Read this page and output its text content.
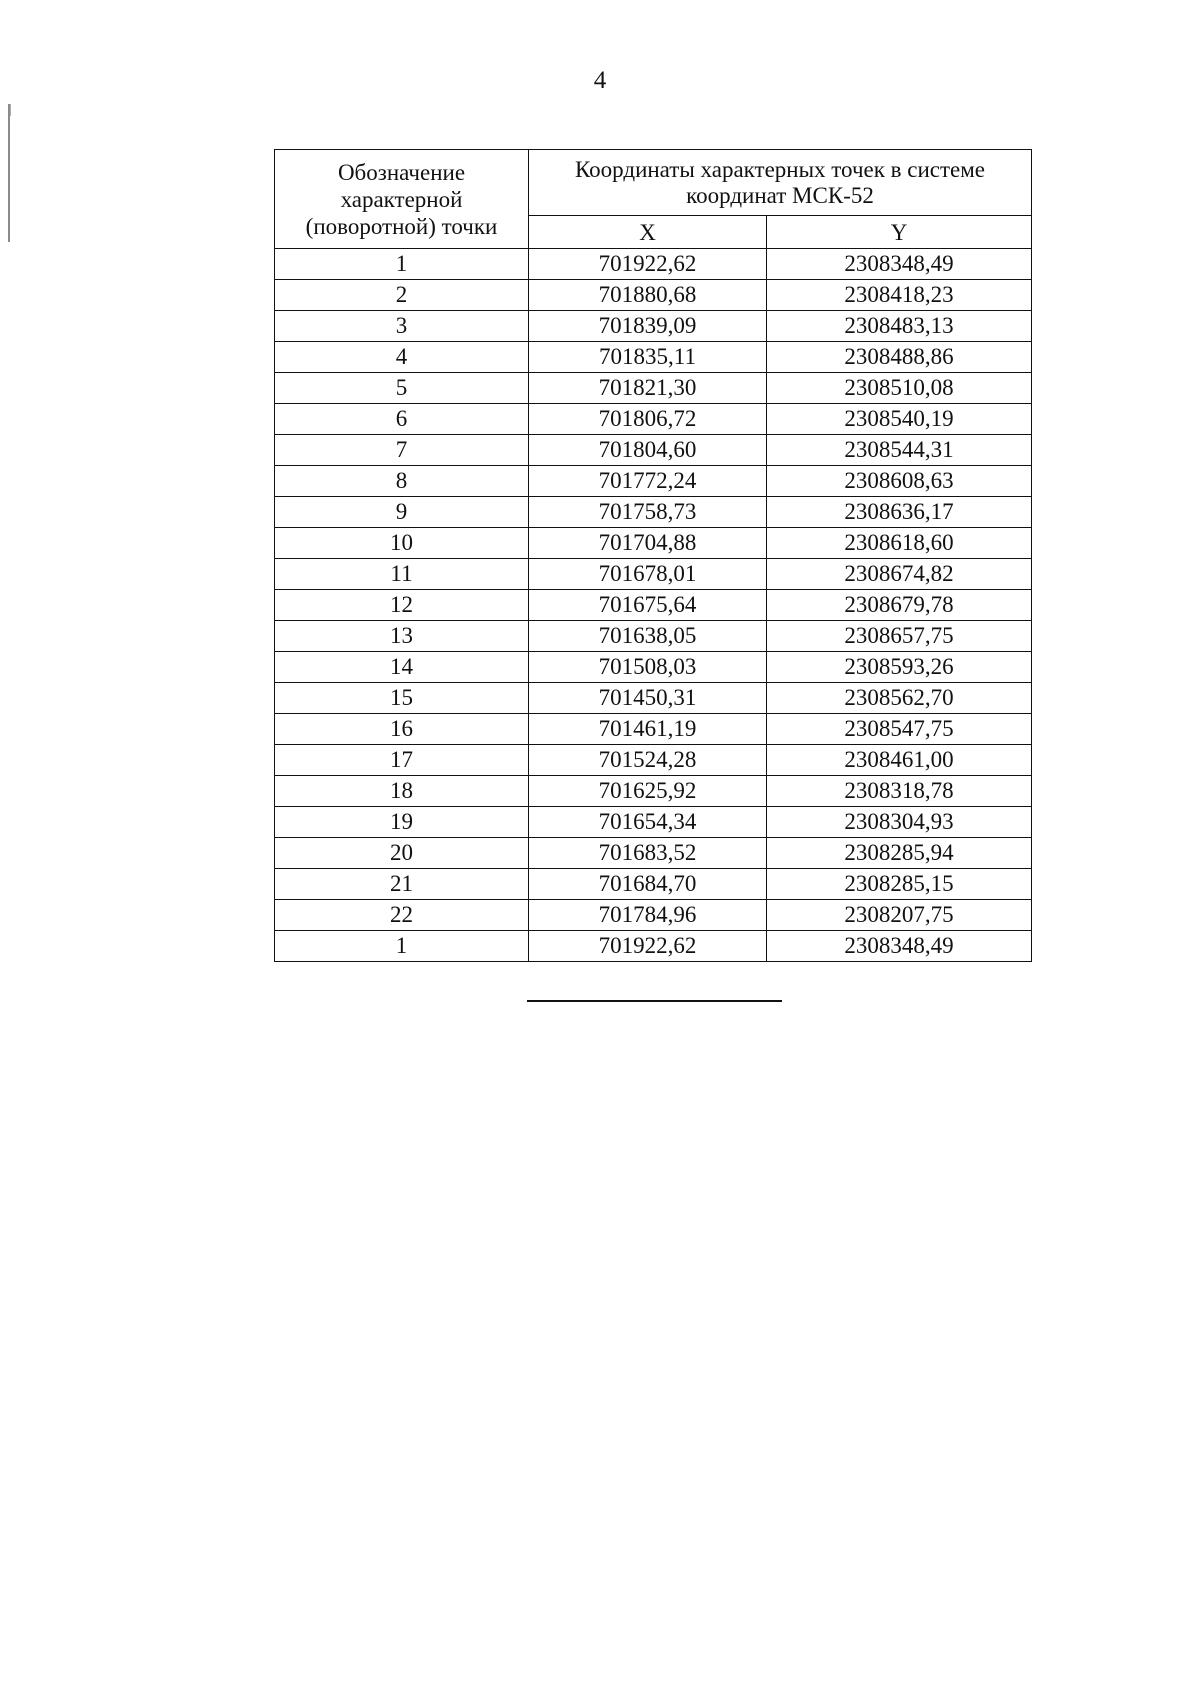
4
Обозначение характерной (поворотной) точки	Координаты характерных точек в системе координат МСК-52	
	X	Y
1	701922,62	2308348,49
2	701880,68	2308418,23
3	701839,09	2308483,13
4	701835,11	2308488,86
5	701821,30	2308510,08
6	701806,72	2308540,19
7	701804,60	2308544,31
8	701772,24	2308608,63
9	701758,73	2308636,17
10	701704,88	2308618,60
11	701678,01	2308674,82
12	701675,64	2308679,78
13	701638,05	2308657,75
14	701508,03	2308593,26
15	701450,31	2308562,70
16	701461,19	2308547,75
17	701524,28	2308461,00
18	701625,92	2308318,78
19	701654,34	2308304,93
20	701683,52	2308285,94
21	701684,70	2308285,15
22	701784,96	2308207,75
1	701922,62	2308348,49
